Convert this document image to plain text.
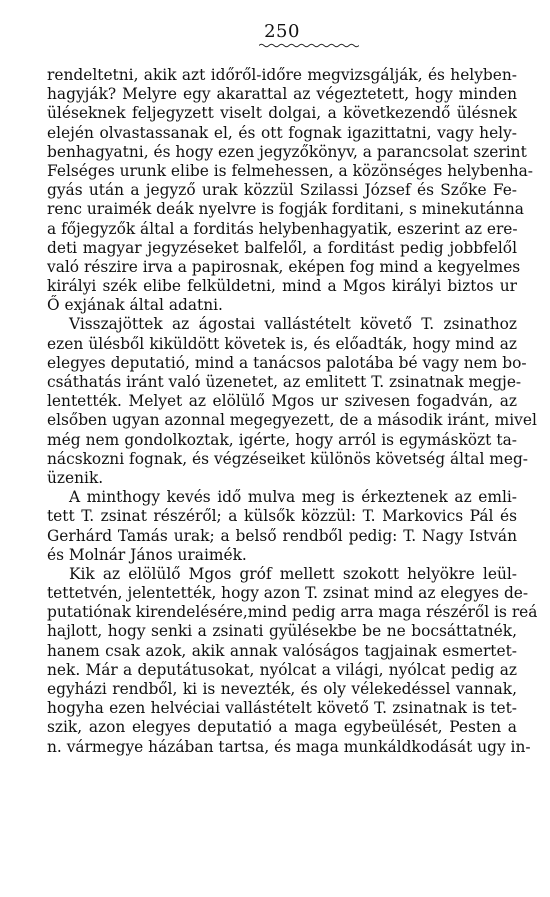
250
rendeltetni, akik azt időről-időre megvizsgálják, és helyben-
hagyják? Melyre egy akarattal az végeztetett, hogy minden
üléseknek feljegyzett viselt dolgai, a következendő ülésnek
elején olvastassanak el, és ott fognak igazittatni, vagy hely-
benhagyatni, és hogy ezen jegyzőkönyv, a parancsolat szerint
Felséges urunk elibe is felmehessen, a közönséges helybenha-
gyás után a jegyző urak közzül Szilassi József és Szőke Fe-
renc uraimék deák nyelvre is fogják forditani, s minekutánna
a főjegyzők által a forditás helybenhagyatik, eszerint az ere-
deti magyar jegyzéseket balfelől, a forditást pedig jobbfelől
való részire irva a papirosnak, eképen fog mind a kegyelmes
királyi szék elibe felküldetni, mind a Mgos királyi biztos ur
Ő exjának által adatni.
Visszajöttek az ágostai vallástételt követő T. zsinathoz
ezen ülésből kiküldött követek is, és előadták, hogy mind az
elegyes deputatió, mind a tanácsos palotába bé vagy nem bo-
csáthatás iránt való üzenetet, az emlitett T. zsinatnak megje-
lentették. Melyet az elölülő Mgos ur szivesen fogadván, az
elsőben ugyan azonnal megegyezett, de a második iránt, mivel
még nem gondolkoztak, igérte, hogy arról is egymásközt ta-
nácskozni fognak, és végzéseiket különös követség által meg-
üzenik.
A minthogy kevés idő mulva meg is érkeztenek az emli-
tett T. zsinat részéről; a külsők közzül: T. Markovics Pál és
Gerhárd Tamás urak; a belső rendből pedig: T. Nagy István
és Molnár János uraimék.
Kik az elölülő Mgos gróf mellett szokott helyökre leül-
tettetvén, jelentették, hogy azon T. zsinat mind az elegyes de-
putatiónak kirendelésére,mind pedig arra maga részéről is reá
hajlott, hogy senki a zsinati gyülésekbe be ne bocsáttatnék,
hanem csak azok, akik annak valóságos tagjainak esmertet-
nek. Már a deputátusokat, nyólcat a világi, nyólcat pedig az
egyházi rendből, ki is nevezték, és oly vélekedéssel vannak,
hogyha ezen helvéciai vallástételt követő T. zsinatnak is tet-
szik, azon elegyes deputatió a maga egybeülését, Pesten a
n. vármegye házában tartsa, és maga munkáldkodását ugy in-
